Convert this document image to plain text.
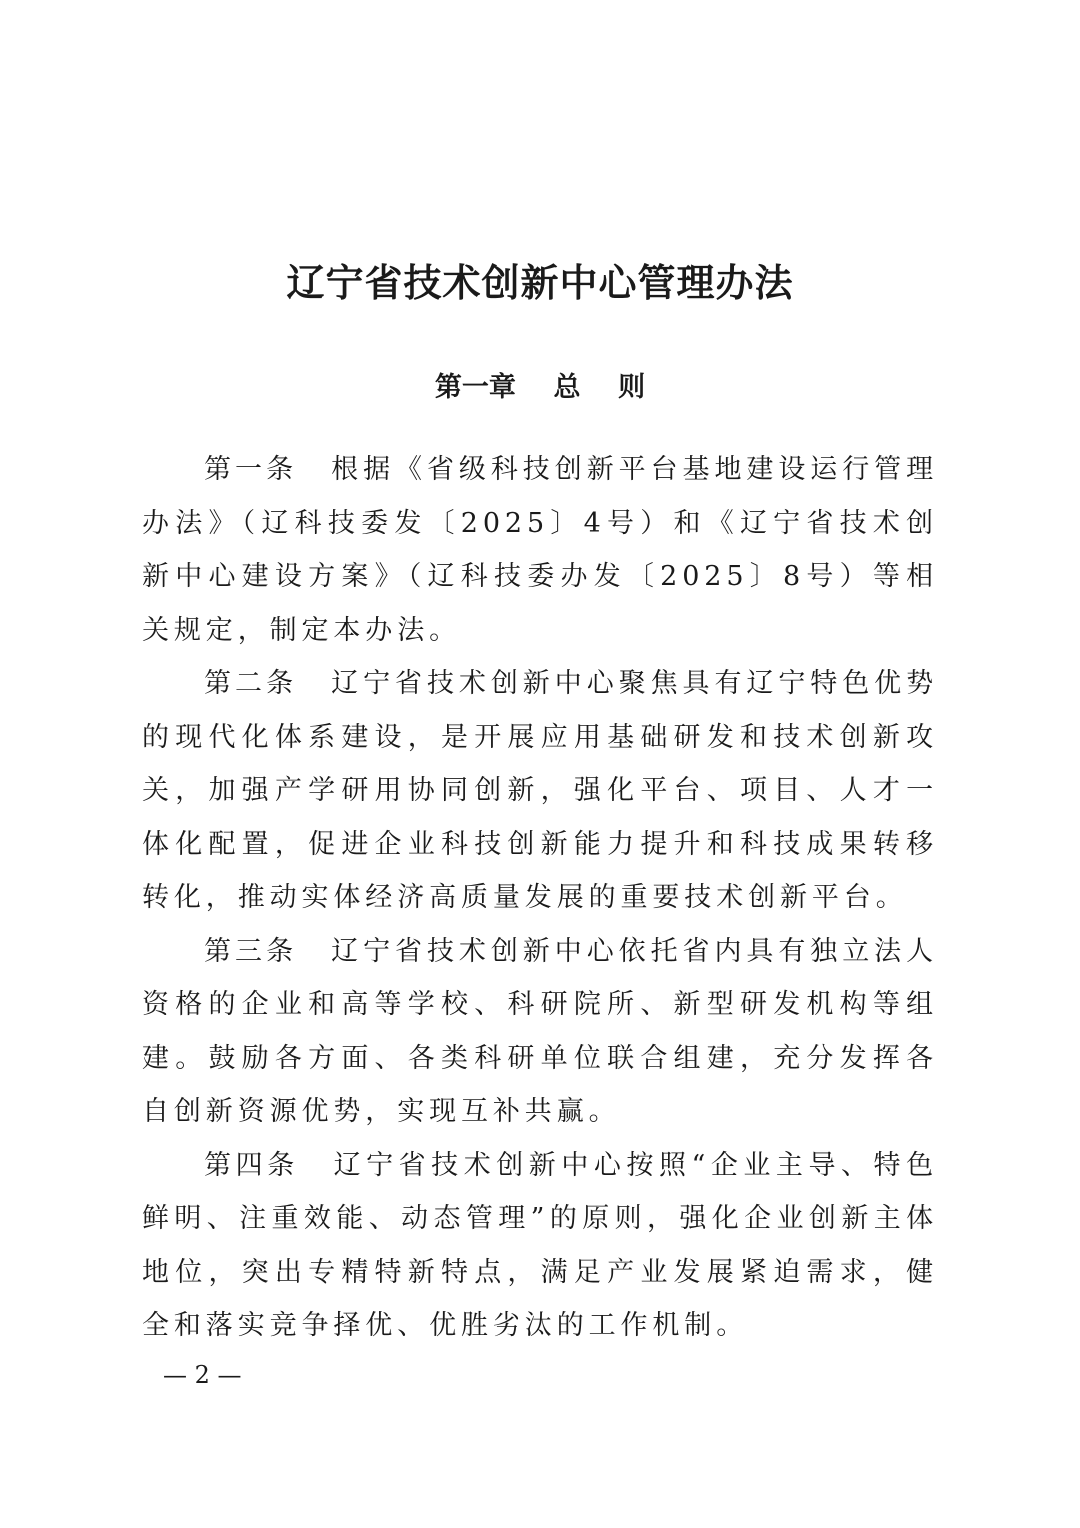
辽宁省技术创新中心管理办法
第一章    总    则

第一条 根据《省级科技创新平台基地建设运行管理办法》（辽科技委发〔2025〕4号）和《辽宁省技术创新中心建设方案》（辽科技委办发〔2025〕8号）等相关规定，制定本办法。

第二条 辽宁省技术创新中心聚焦具有辽宁特色优势的现代化体系建设，是开展应用基础研发和技术创新攻关，加强产学研用协同创新，强化平台、项目、人才一体化配置，促进企业科技创新能力提升和科技成果转移转化，推动实体经济高质量发展的重要技术创新平台。

第三条 辽宁省技术创新中心依托省内具有独立法人资格的企业和高等学校、科研院所、新型研发机构等组建。鼓励各方面、各类科研单位联合组建，充分发挥各自创新资源优势，实现互补共赢。

第四条 辽宁省技术创新中心按照“企业主导、特色鲜明、注重效能、动态管理”的原则，强化企业创新主体地位，突出专精特新特点，满足产业发展紧迫需求，健全和落实竞争择优、优胜劣汰的工作机制。

— 2 —
